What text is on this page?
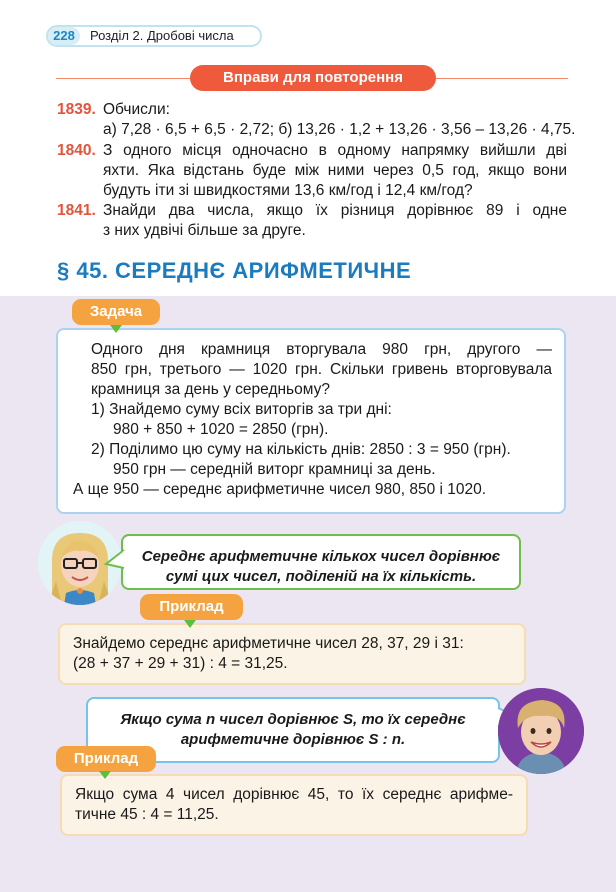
228	Розділ 2. Дробові числа
Вправи для повторення
1839. Обчисли:
а) 7,28 · 6,5 + 6,5 · 2,72; б) 13,26 · 1,2 + 13,26 · 3,56 – 13,26 · 4,75.
1840. З одного місця одночасно в одному напрямку вийшли дві
яхти. Яка відстань буде між ними через 0,5 год, якщо вони
будуть іти зі швидкостями 13,6 км/год і 12,4 км/год?
1841. Знайди два числа, якщо їх різниця дорівнює 89 і одне
з них удвічі більше за друге.
§ 45. СЕРЕДНЄ АРИФМЕТИЧНЕ
Задача
Одного дня крамниця вторгувала 980 грн, другого —
850 грн, третього — 1020 грн. Скільки гривень вторговувала
крамниця за день у середньому?
1) Знайдемо суму всіх виторгів за три дні:
980 + 850 + 1020 = 2850 (грн).
2) Поділимо цю суму на кількість днів: 2850 : 3 = 950 (грн).
950 грн — середній виторг крамниці за день.
А ще 950 — середнє арифметичне чисел 980, 850 і 1020.
Середнє арифметичне кількох чисел дорівнює
сумі цих чисел, поділеній на їх кількість.
Приклад
Знайдемо середнє арифметичне чисел 28, 37, 29 і 31:
(28 + 37 + 29 + 31) : 4 = 31,25.
Якщо сума n чисел дорівнює S, то їх середнє
арифметичне дорівнює S : n.
Приклад
Якщо сума 4 чисел дорівнює 45, то їх середнє арифме-
тичне 45 : 4 = 11,25.
